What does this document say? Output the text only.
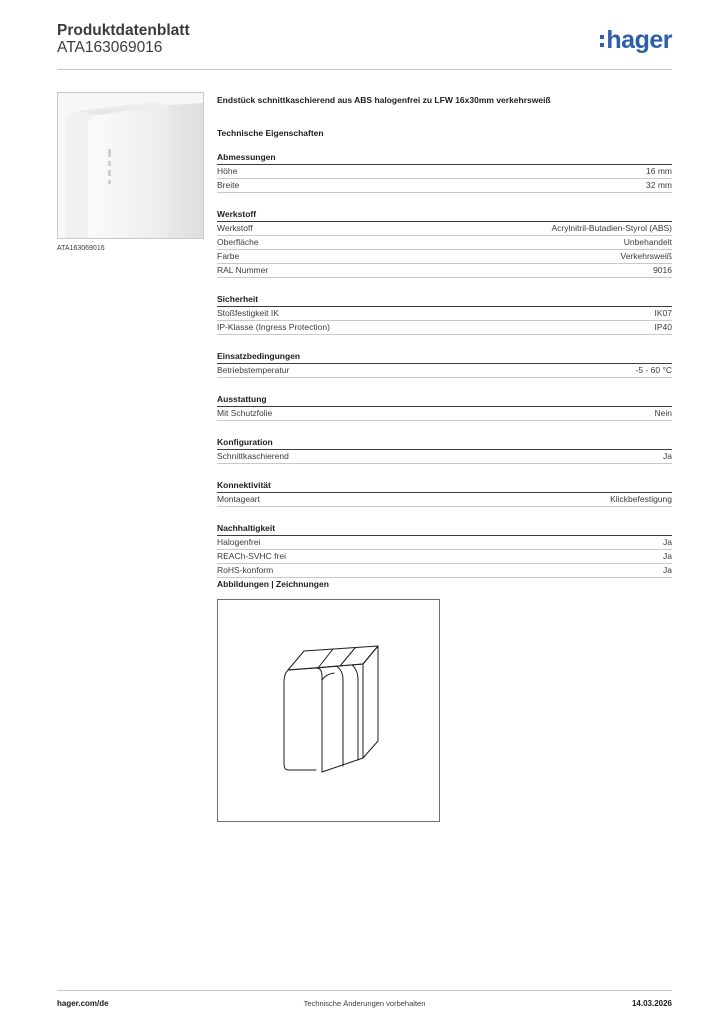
Produktdatenblatt
ATA163069016	hager
ATA163069016
Endstück schnittkaschierend aus ABS halogenfrei zu LFW 16x30mm verkehrsweiß
Technische Eigenschaften
Abmessungen
Höhe	16 mm
Breite	32 mm
Werkstoff
Werkstoff	Acrylnitril-Butadien-Styrol (ABS)
Oberfläche	Unbehandelt
Farbe	Verkehrsweiß
RAL Nummer	9016
Sicherheit
Stoßfestigkeit IK	IK07
IP-Klasse (Ingress Protection)	IP40
Einsatzbedingungen
Betriebstemperatur	-5 - 60 °C
Ausstattung
Mit Schutzfolie	Nein
Konfiguration
Schnittkaschierend	Ja
Konnektivität
Montageart	Klickbefestigung
Nachhaltigkeit
Halogenfrei	Ja
REACh-SVHC frei	Ja
RoHS-konform	Ja
Abbildungen | Zeichnungen
hager.com/de	Technische Änderungen vorbehalten	14.03.2026
